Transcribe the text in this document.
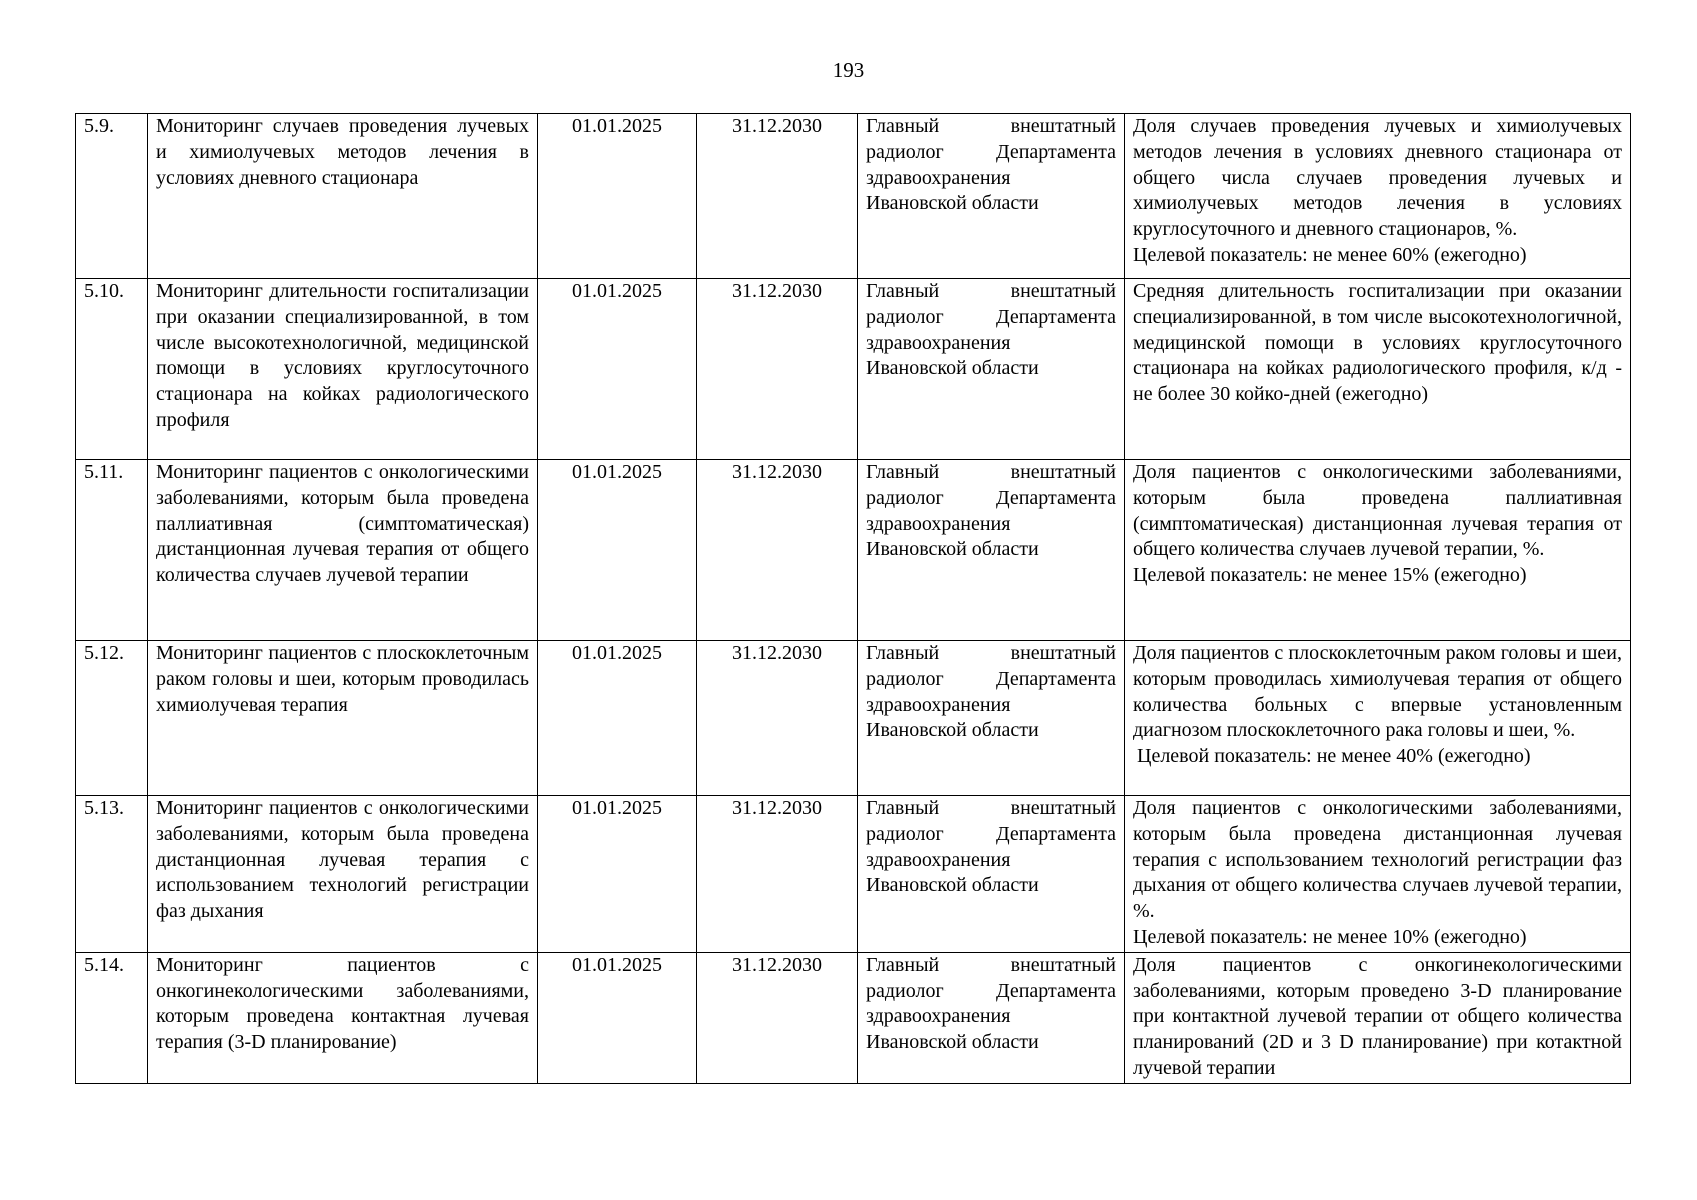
193
5.9.	Мониторинг случаев проведения лучевых и химиолучевых методов лечения в условиях дневного стационара	01.01.2025	31.12.2030	Главный внештатный радиолог Департамента здравоохранения Ивановской области	Доля случаев проведения лучевых и химиолучевых методов лечения в условиях дневного стационара от общего числа случаев проведения лучевых и химиолучевых методов лечения в условиях круглосуточного и дневного стационаров, %.
Целевой показатель: не менее 60% (ежегодно)

5.10.	Мониторинг длительности госпитализации при оказании специализированной, в том числе высокотехнологичной, медицинской помощи в условиях круглосуточного стационара на койках радиологического профиля	01.01.2025	31.12.2030	Главный внештатный радиолог Департамента здравоохранения Ивановской области	Средняя длительность госпитализации при оказании специализированной, в том числе высокотехнологичной, медицинской помощи в условиях круглосуточного стационара на койках радиологического профиля, к/д - не более 30 койко-дней (ежегодно)

5.11.	Мониторинг пациентов с онкологическими заболеваниями, которым была проведена паллиативная (симптоматическая) дистанционная лучевая терапия от общего количества случаев лучевой терапии	01.01.2025	31.12.2030	Главный внештатный радиолог Департамента здравоохранения Ивановской области	Доля пациентов с онкологическими заболеваниями, которым была проведена паллиативная (симптоматическая) дистанционная лучевая терапия от общего количества случаев лучевой терапии, %.
Целевой показатель: не менее 15% (ежегодно)

5.12.	Мониторинг пациентов с плоскоклеточным раком головы и шеи, которым проводилась химиолучевая терапия	01.01.2025	31.12.2030	Главный внештатный радиолог Департамента здравоохранения Ивановской области	Доля пациентов с плоскоклеточным раком головы и шеи, которым проводилась химиолучевая терапия от общего количества больных с впервые установленным диагнозом плоскоклеточного рака головы и шеи, %.
Целевой показатель: не менее 40% (ежегодно)

5.13.	Мониторинг пациентов с онкологическими заболеваниями, которым была проведена дистанционная лучевая терапия с использованием технологий регистрации фаз дыхания	01.01.2025	31.12.2030	Главный внештатный радиолог Департамента здравоохранения Ивановской области	Доля пациентов с онкологическими заболеваниями, которым была проведена дистанционная лучевая терапия с использованием технологий регистрации фаз дыхания от общего количества случаев лучевой терапии, %.
Целевой показатель: не менее 10% (ежегодно)

5.14.	Мониторинг пациентов с онкогинекологическими заболеваниями, которым проведена контактная лучевая терапия (3-D планирование)	01.01.2025	31.12.2030	Главный внештатный радиолог Департамента здравоохранения Ивановской области	Доля пациентов с онкогинекологическими заболеваниями, которым проведено 3-D планирование при контактной лучевой терапии от общего количества планирований (2D и 3 D планирование) при котактной лучевой терапии
